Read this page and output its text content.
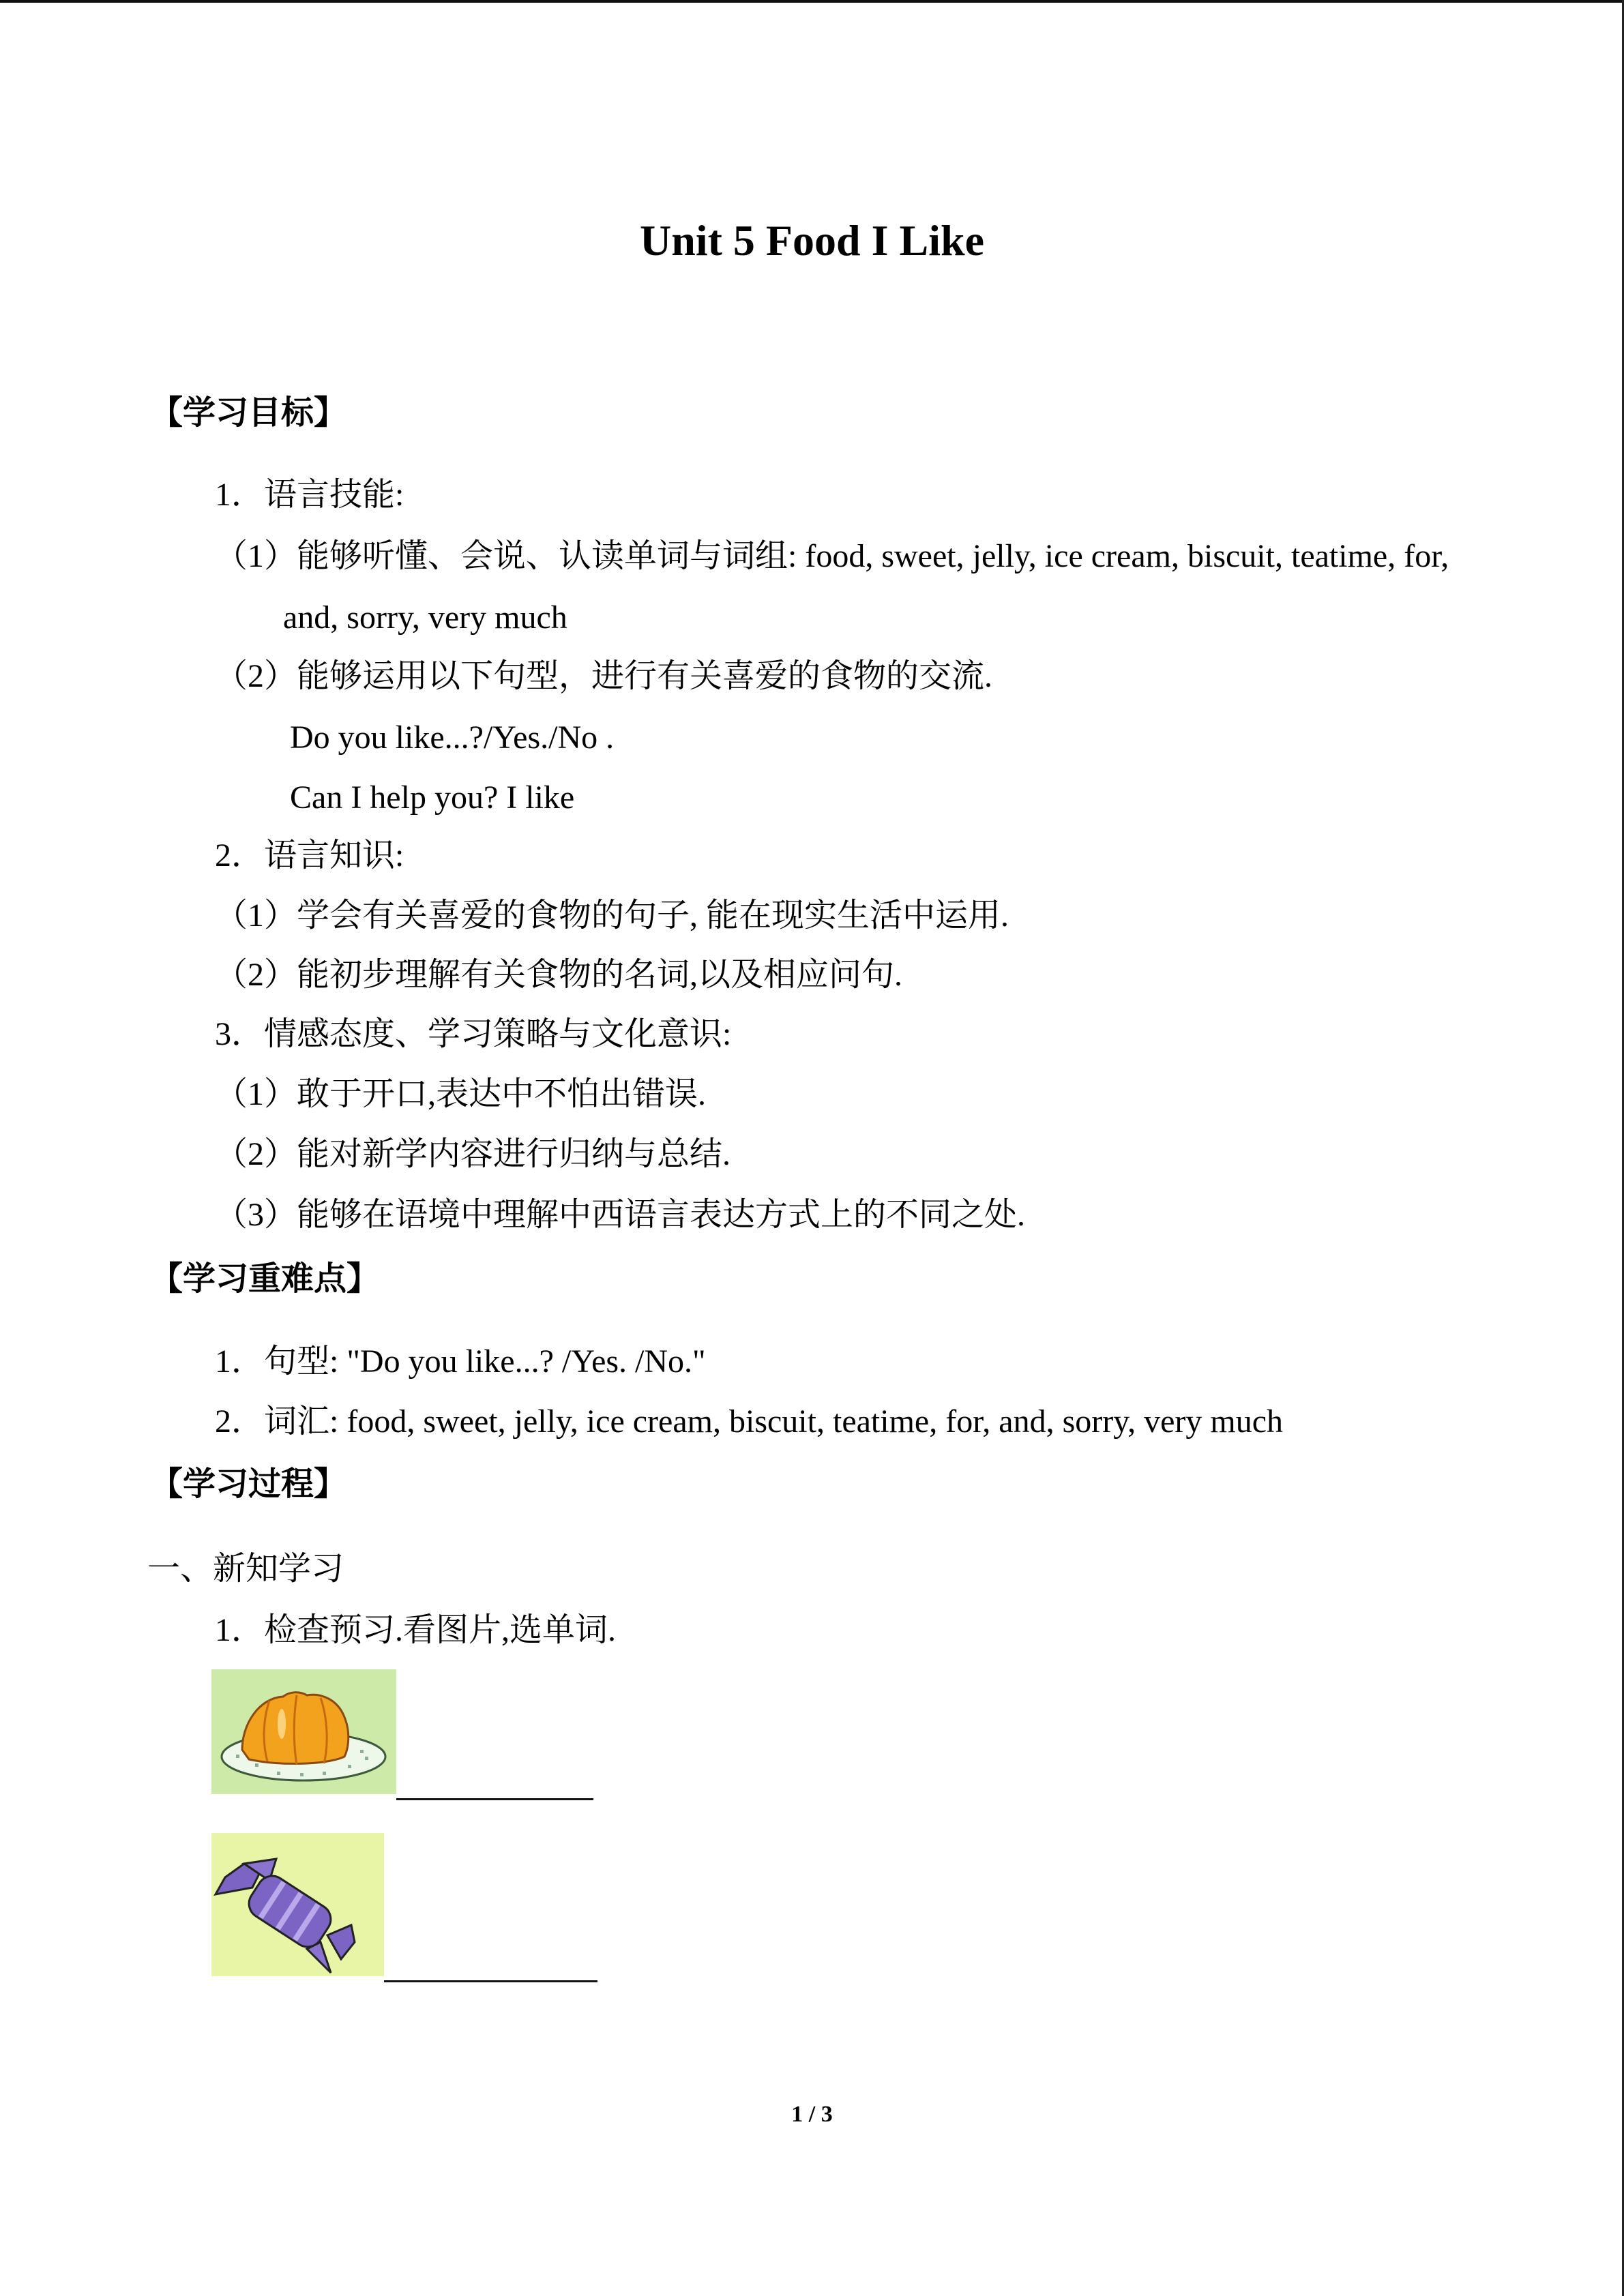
Unit 5 Food I Like
【学习目标】
1．语言技能:
（1）能够听懂、会说、认读单词与词组: food, sweet, jelly, ice cream, biscuit, teatime, for,
and, sorry, very much
（2）能够运用以下句型，进行有关喜爱的食物的交流.
Do you like...?/Yes./No .
Can I help you? I like
2．语言知识:
（1）学会有关喜爱的食物的句子, 能在现实生活中运用.
（2）能初步理解有关食物的名词,以及相应问句.
3．情感态度、学习策略与文化意识:
（1）敢于开口,表达中不怕出错误.
（2）能对新学内容进行归纳与总结.
（3）能够在语境中理解中西语言表达方式上的不同之处.
【学习重难点】
1．句型: "Do you like...? /Yes. /No."
2．词汇: food, sweet, jelly, ice cream, biscuit, teatime, for, and, sorry, very much
【学习过程】
一、新知学习
1．检查预习.看图片,选单词.
1 / 3
